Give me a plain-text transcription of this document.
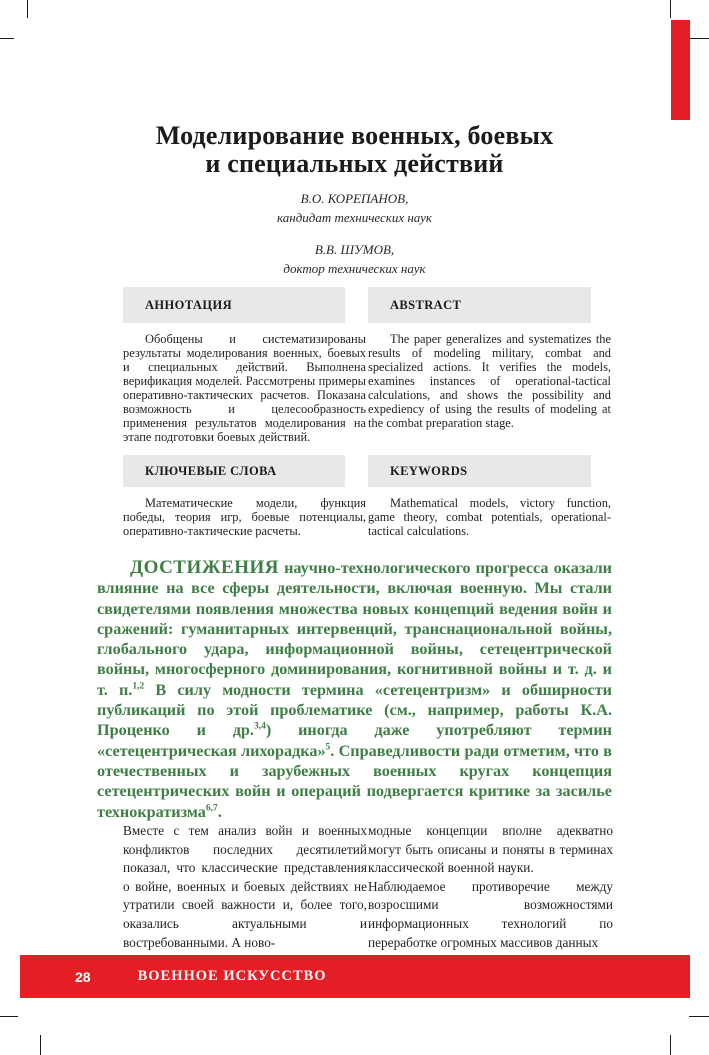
Моделирование военных, боевых
и специальных действий
В.О. КОРЕПАНОВ,
кандидат технических наук
В.В. ШУМОВ,
доктор технических наук
АННОТАЦИЯ	ABSTRACT
Обобщены и систематизированы результаты моделирования военных, боевых и специальных действий. Выполнена верификация моделей. Рассмотрены примеры оперативно-тактических расчетов. Показана возможность и целесообразность применения результатов моделирования на этапе подготовки боевых действий.
The paper generalizes and systematizes the results of modeling military, combat and specialized actions. It verifies the models, examines instances of operational-tactical calculations, and shows the possibility and expediency of using the results of modeling at the combat preparation stage.
КЛЮЧЕВЫЕ СЛОВА	KEYWORDS
Математические модели, функция победы, теория игр, боевые потенциалы, оперативно-тактические расчеты.
Mathematical models, victory function, game theory, combat potentials, operational-tactical calculations.

ДОСТИЖЕНИЯ научно-технологического прогресса оказали влияние на все сферы деятельности, включая военную. Мы стали свидетелями появления множества новых концепций ведения войн и сражений: гуманитарных интервенций, транснациональной войны, глобального удара, информационной войны, сетецентрической войны, многосферного доминирования, когнитивной войны и т. д. и т. п.$^{1,2}$ В силу модности термина «сетецентризм» и обширности публикаций по этой проблематике (см., например, работы К.А. Проценко и др.$^{3,4}$) иногда даже употребляют термин «сетецентрическая лихорадка»$^5$. Справедливости ради отметим, что в отечественных и зарубежных военных кругах концепция сетецентрических войн и операций подвергается критике за засилье технократизма$^{6,7}$.

Вместе с тем анализ войн и военных конфликтов последних десятилетий показал, что классические представления о войне, военных и боевых действиях не утратили своей важности и, более того, оказались актуальными и востребованными. А ново-

модные концепции вполне адекватно могут быть описаны и поняты в терминах классической военной науки.

Наблюдаемое противоречие между возросшими возможностями информационных технологий по переработке огромных массивов данных

28	ВОЕННОЕ ИСКУССТВО
